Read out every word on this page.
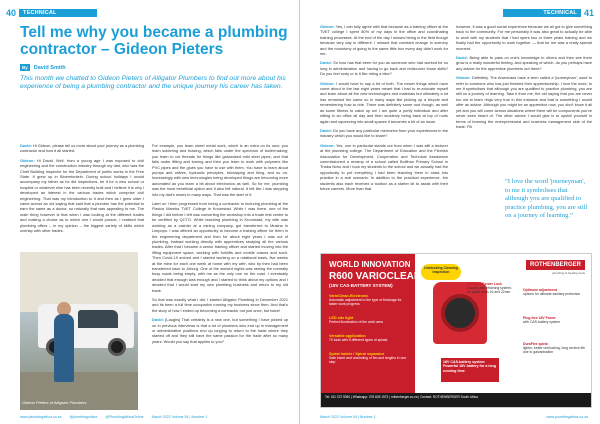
40	TECHNICAL
Tell me why you became a plumbing contractor – Gideon Pieters
By	David Smith

This month we chatted to Gideon Pieters of Alligator Plumbers to find out more about his experience of being a plumbing contractor and the unique journey his career has taken.

David: Hi Gideon, please tell us more about your journey as a plumbing contractor and how it all started.

Gideon: Hi David. Well, from a young age I was exposed to civil engineering and the construction industry through my dad, who was the Chief Building Inspector for the Department of public works in the Free State. It grew up in Bloemfontein. During school holidays I would accompany my father as he did inspections, be it for a new school or hospital or whatever else has been recently built and I believe it is why I developed an interest in the various trades which comprise civil engineering. That was my introduction to it and then as I grew older I came across an old saying that said that a plumber has the potential to earn the same as a doctor, so naturally that was appealing to me. The main thing however is that when I was looking at the different trades and making a choice as to which one I would pursue, I realised that plumbing offers – in my opinion – the biggest variety of skills which overlap with other trades.

Gideon Pieters of Alligator Plumbers

For example, you learn sheet metal work, which is an extra on its own; you learn soldering and brazing, which falls under the spectrum of boilermaking; you learn to cut threads for things like galvanised mild steel pipes, and that falls under fitting and turning and then you learn to work with polymers like PVC pipes and the glues you have to use with them. You have to learn about pumps and valves, hydraulic principles, bricklaying and tiling, and so on. Increasingly with new technologies being developed things are becoming more automated as you learn a bit about electronics as well. So for me, plumbing was the most beneficial option and it also felt natural. It felt like I was stepping into my dad's shoes in many ways. That was the start of it.

Later on I then progressed from being a contractor to lecturing plumbing at the Flavius Mareka TVET College in Kroonstad. While I was there, one of the things I did before I left was converting the workshop into a trade test centre to be certified by QCTO. While teaching plumbing in Kroonstad, my wife was working as a cashier at a mining company, got transferred to Musina in Limpopo. I was offered an opportunity to become a training officer for them in the engineering department and then for about eight years I was out of plumbing, instead working directly with apprentices studying all the various trades. After that I became a senior training officer and started moving into the lifting equipment space, working with forklifts and mobile cranes and such. Then Covid-19 arrived and I started working on a rotational basis, five weeks at the mine for each one week at home with my wife, who by then had been transferred back to Joburg. One of the worked nights was seeing the normally busy roads being empty, with me as the only one on the road. I eventually decided that enough was enough and I started to think about my options and I decided that I would start my own plumbing business and return to my old trade.

So that was exactly what I did, I started Alligator Plumbing in December 2021 and its been a full time occupation running my business since then. And that's the story of how I ended up becoming a contractor not just once, but twice!

David: [Laughs] That certainly is a new one, but something I have picked up on in previous interviews is that a lot of plumbers who end up in management or administrative positions end up longing to return to the trade where they started off and they still have the same passion for the trade after so many years. Would you say that applies to you?

www.plumbingafrica.co.za @plumbingonline @PlumbingAfricaOnline March 2022 Volume 54 | Number 1
TECHNICAL 41

Gideon: Yes, I can fully agree with that because as a training officer at the TVET college I spent 80% of my days in the office and coordinating training processes. At the end of the day I missed being in the field though because very day is different. I missed that constant change in scenery and the monotony of going to the same little box every day didn't work for me.

David: So how has that been for you as someone who had worked for so long in administration and having to go back and rediscover those skills? Do you feel rusty or is it like riding a bike?

Gideon: I would have to say a bit of both. The newer things which have come about in the last eight years meant that I had to re-educate myself and learn about all the new technologies and materials but ultimately a lot has remained the same so in many ways like picking up a bicycle and remembering how to ride. There was definitely some rust though, as well as some fitness to catch up on! I am quite a portly individual and after sitting in an office all day and then suddenly being back at top of roofs again and squeezing into small spaces it becomes a bit of an issue.

David: Do you have any particular memories from your experiences in the industry which you would like to share?

Gideon: Yes, one in particular stands out from when I was still a lecturer at the plumbing college. The Department of Education and the Flemish Association for Development, Cooperation and Technical Assistance commissioned a revamp of a school called Boitlhuo Primary School in Thaba Nchu and I took my students to the school and we actually had the opportunity to put everything I had been teaching them in class into practice in a real scenario. In addition to the practical experience, the students also each received a toolbox as a starter kit to assist with their future careers. More than that

however, it was a good social experience because we all got to give something back to the community. For me personally it was also great to actually be able to work with my students that I had spent two or three years training and we finally had the opportunity to work together — that for me was a really special moment.

David: Being able to pass on one's knowledge to others and then see them grow is a really wonderful feeling. And speaking of which, do you perhaps have any advice for the apprentice plumbers out there?

Gideon: Definitely. The Americans have a term called a 'journeyman', used to refer to someone who has just finished their apprenticeship. I love the word, to me it symbolises that although you are qualified to practice plumbing, you are still on a journey of learning. Take it from me, the old saying that you are never too old to learn rings very true in this instance and that is something I would offer as advice. Although you might be an apprentice now, you don't know it all yet and you will come across situations where there will be components you've never seen heard of. The other advice I would give is to upskill yourself in terms of learning the entrepreneurial and business management side of the trade. PA

“I love the word 'journeyman', to me it symbolises that although you are qualified to practice plumbing, you are still on a journey of learning.”

WORLD INNOVATION
R600 VARIOCLEAN
(18V CAS-BATTERY SYSTEM)
VarioClean-Electronic
Automatic adjustment to the type of blockage for faster work progress
LED site light
Perfect illumination of the work area
Versatile application
70 tools with 5 different types of spirals
Spiral holder / Spiral separator
Safe insert and unwinding of 5m and lengths in one step
Unblocking Cleaning Inspection
ROTHENBERGER
plumbing & heating tools
Multigrip Center Lock
Guiding and retaining system, for spiral sizes 16 and 22mm
Optimum adjustment
options for ultimate sanitary protection
Plug-free 18V Power
with CAS-battery system
DuraFlex spiral:
lighter, better unblocking, long service life due to galvanisation
18V CAS-battery system Powerful 18V battery for a long running time
Tel: 011 372 9050 | Whatsapp: 078 605 1972 | rothenberger.co.za | Contact: ROTHENBERGER South Africa
March 2022 Volume 54 | Number 1	www.plumbingafrica.co.za
